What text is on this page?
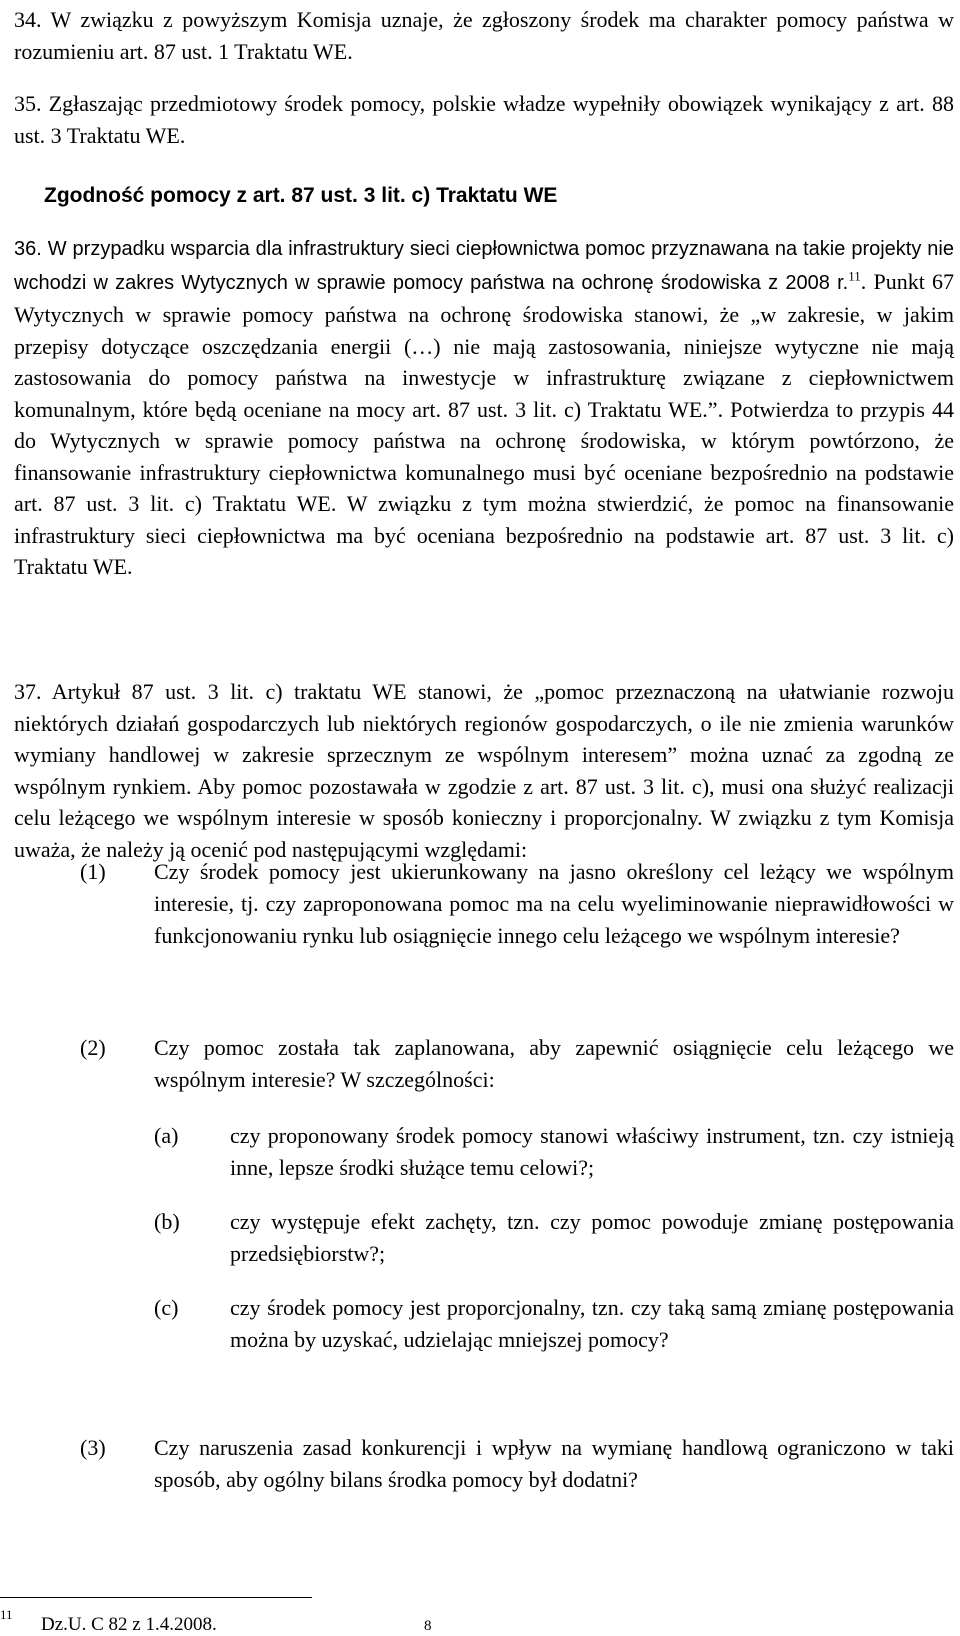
34. W związku z powyższym Komisja uznaje, że zgłoszony środek ma charakter pomocy państwa w rozumieniu art. 87 ust. 1 Traktatu WE.

35. Zgłaszając przedmiotowy środek pomocy, polskie władze wypełniły obowiązek wynikający z art. 88 ust. 3 Traktatu WE.

Zgodność pomocy z art. 87 ust. 3 lit. c) Traktatu WE

36. W przypadku wsparcia dla infrastruktury sieci ciepłownictwa pomoc przyznawana na takie projekty nie wchodzi w zakres Wytycznych w sprawie pomocy państwa na ochronę środowiska z 2008 r.$^{11}$. Punkt 67 Wytycznych w sprawie pomocy państwa na ochronę środowiska stanowi, że „w zakresie, w jakim przepisy dotyczące oszczędzania energii (…) nie mają zastosowania, niniejsze wytyczne nie mają zastosowania do pomocy państwa na inwestycje w infrastrukturę związane z ciepłownictwem komunalnym, które będą oceniane na mocy art. 87 ust. 3 lit. c) Traktatu WE.”. Potwierdza to przypis 44 do Wytycznych w sprawie pomocy państwa na ochronę środowiska, w którym powtórzono, że finansowanie infrastruktury ciepłownictwa komunalnego musi być oceniane bezpośrednio na podstawie art. 87 ust. 3 lit. c) Traktatu WE. W związku z tym można stwierdzić, że pomoc na finansowanie infrastruktury sieci ciepłownictwa ma być oceniana bezpośrednio na podstawie art. 87 ust. 3 lit. c) Traktatu WE.

37. Artykuł 87 ust. 3 lit. c) traktatu WE stanowi, że „pomoc przeznaczoną na ułatwianie rozwoju niektórych działań gospodarczych lub niektórych regionów gospodarczych, o ile nie zmienia warunków wymiany handlowej w zakresie sprzecznym ze wspólnym interesem” można uznać za zgodną ze wspólnym rynkiem. Aby pomoc pozostawała w zgodzie z art. 87 ust. 3 lit. c), musi ona służyć realizacji celu leżącego we wspólnym interesie w sposób konieczny i proporcjonalny. W związku z tym Komisja uważa, że należy ją ocenić pod następującymi względami:

(1) Czy środek pomocy jest ukierunkowany na jasno określony cel leżący we wspólnym interesie, tj. czy zaproponowana pomoc ma na celu wyeliminowanie nieprawidłowości w funkcjonowaniu rynku lub osiągnięcie innego celu leżącego we wspólnym interesie?

(2) Czy pomoc została tak zaplanowana, aby zapewnić osiągnięcie celu leżącego we wspólnym interesie? W szczególności:

(a) czy proponowany środek pomocy stanowi właściwy instrument, tzn. czy istnieją inne, lepsze środki służące temu celowi?;

(b) czy występuje efekt zachęty, tzn. czy pomoc powoduje zmianę postępowania przedsiębiorstw?;

(c) czy środek pomocy jest proporcjonalny, tzn. czy taką samą zmianę postępowania można by uzyskać, udzielając mniejszej pomocy?

(3) Czy naruszenia zasad konkurencji i wpływ na wymianę handlową ograniczono w taki sposób, aby ogólny bilans środka pomocy był dodatni?

11 Dz.U. C 82 z 1.4.2008.	8
